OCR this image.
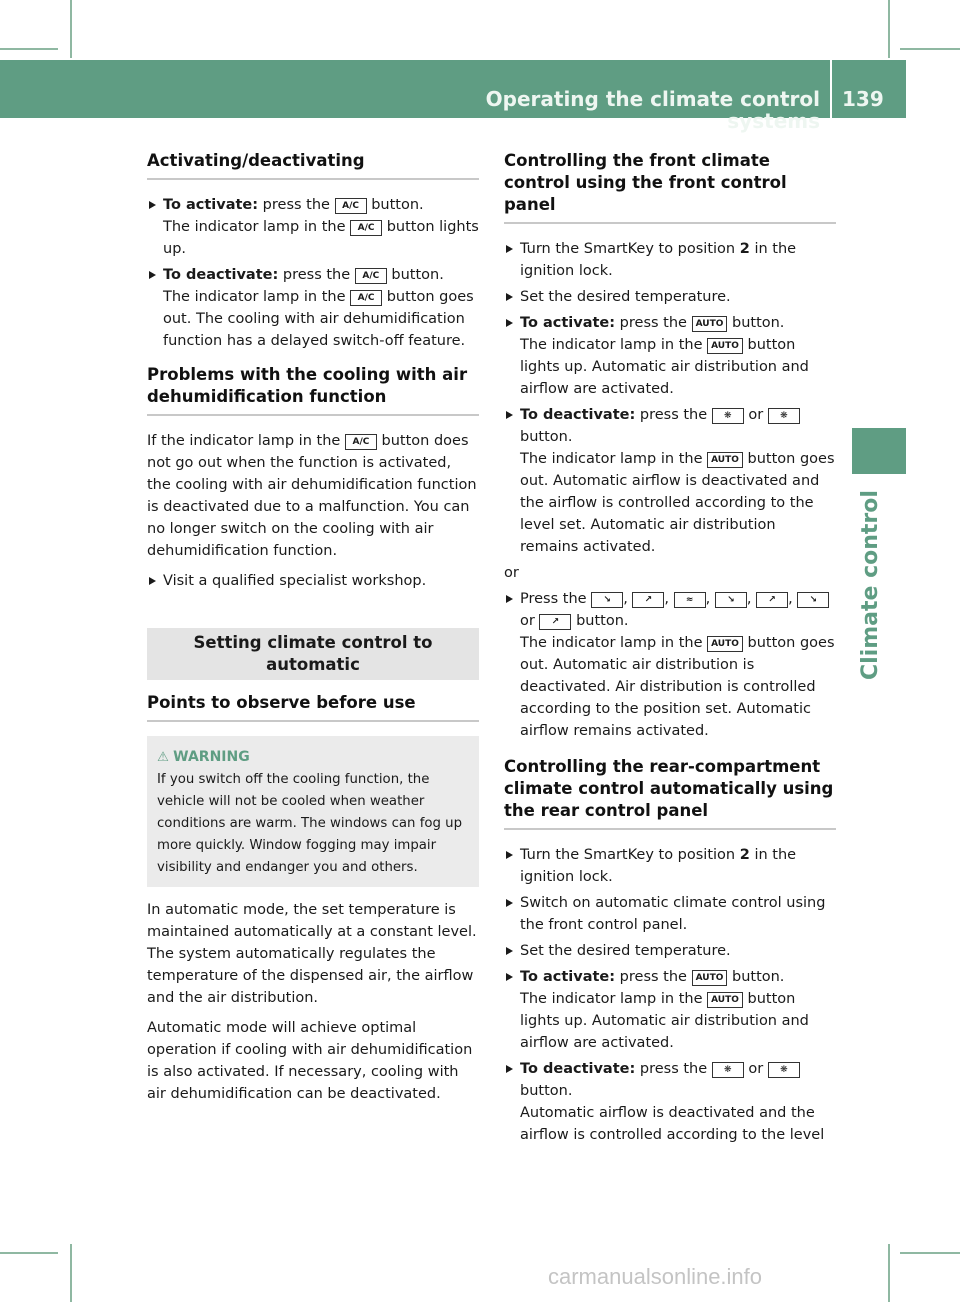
Operating the climate control systems
139
Climate control
Activating/deactivating
To activate: press the A/C button.
The indicator lamp in the A/C button lights up.
To deactivate: press the A/C button.
The indicator lamp in the A/C button goes out. The cooling with air dehumidification function has a delayed switch-off feature.
Problems with the cooling with air dehumidification function

If the indicator lamp in the A/C button does not go out when the function is activated, the cooling with air dehumidification function is deactivated due to a malfunction. You can no longer switch on the cooling with air dehumidification function.

Visit a qualified specialist workshop.
Setting climate control to automatic
Points to observe before use
⚠ WARNING
If you switch off the cooling function, the vehicle will not be cooled when weather conditions are warm. The windows can fog up more quickly. Window fogging may impair visibility and endanger you and others.

In automatic mode, the set temperature is maintained automatically at a constant level. The system automatically regulates the temperature of the dispensed air, the airflow and the air distribution.

Automatic mode will achieve optimal operation if cooling with air dehumidification is also activated. If necessary, cooling with air dehumidification can be deactivated.

Controlling the front climate control using the front control panel
Turn the SmartKey to position 2 in the ignition lock.
Set the desired temperature.
To activate: press the AUTO button.
The indicator lamp in the AUTO button lights up. Automatic air distribution and airflow are activated.
To deactivate: press the ❋ or ❋
button.
The indicator lamp in the AUTO button goes out. Automatic airflow is deactivated and the airflow is controlled according to the level set. Automatic air distribution remains activated.

or

Press the ↘ , ↗ , ≈ , ↘ , ↗ , ↘ or ↗ button.
The indicator lamp in the AUTO button goes out. Automatic air distribution is deactivated. Air distribution is controlled according to the position set. Automatic airflow remains activated.
Controlling the rear-compartment climate control automatically using the rear control panel
Turn the SmartKey to position 2 in the ignition lock.
Switch on automatic climate control using the front control panel.
Set the desired temperature.
To activate: press the AUTO button.
The indicator lamp in the AUTO button lights up. Automatic air distribution and airflow are activated.
To deactivate: press the ❋ or ❋
button.
Automatic airflow is deactivated and the airflow is controlled according to the level
carmanualsonline.info
